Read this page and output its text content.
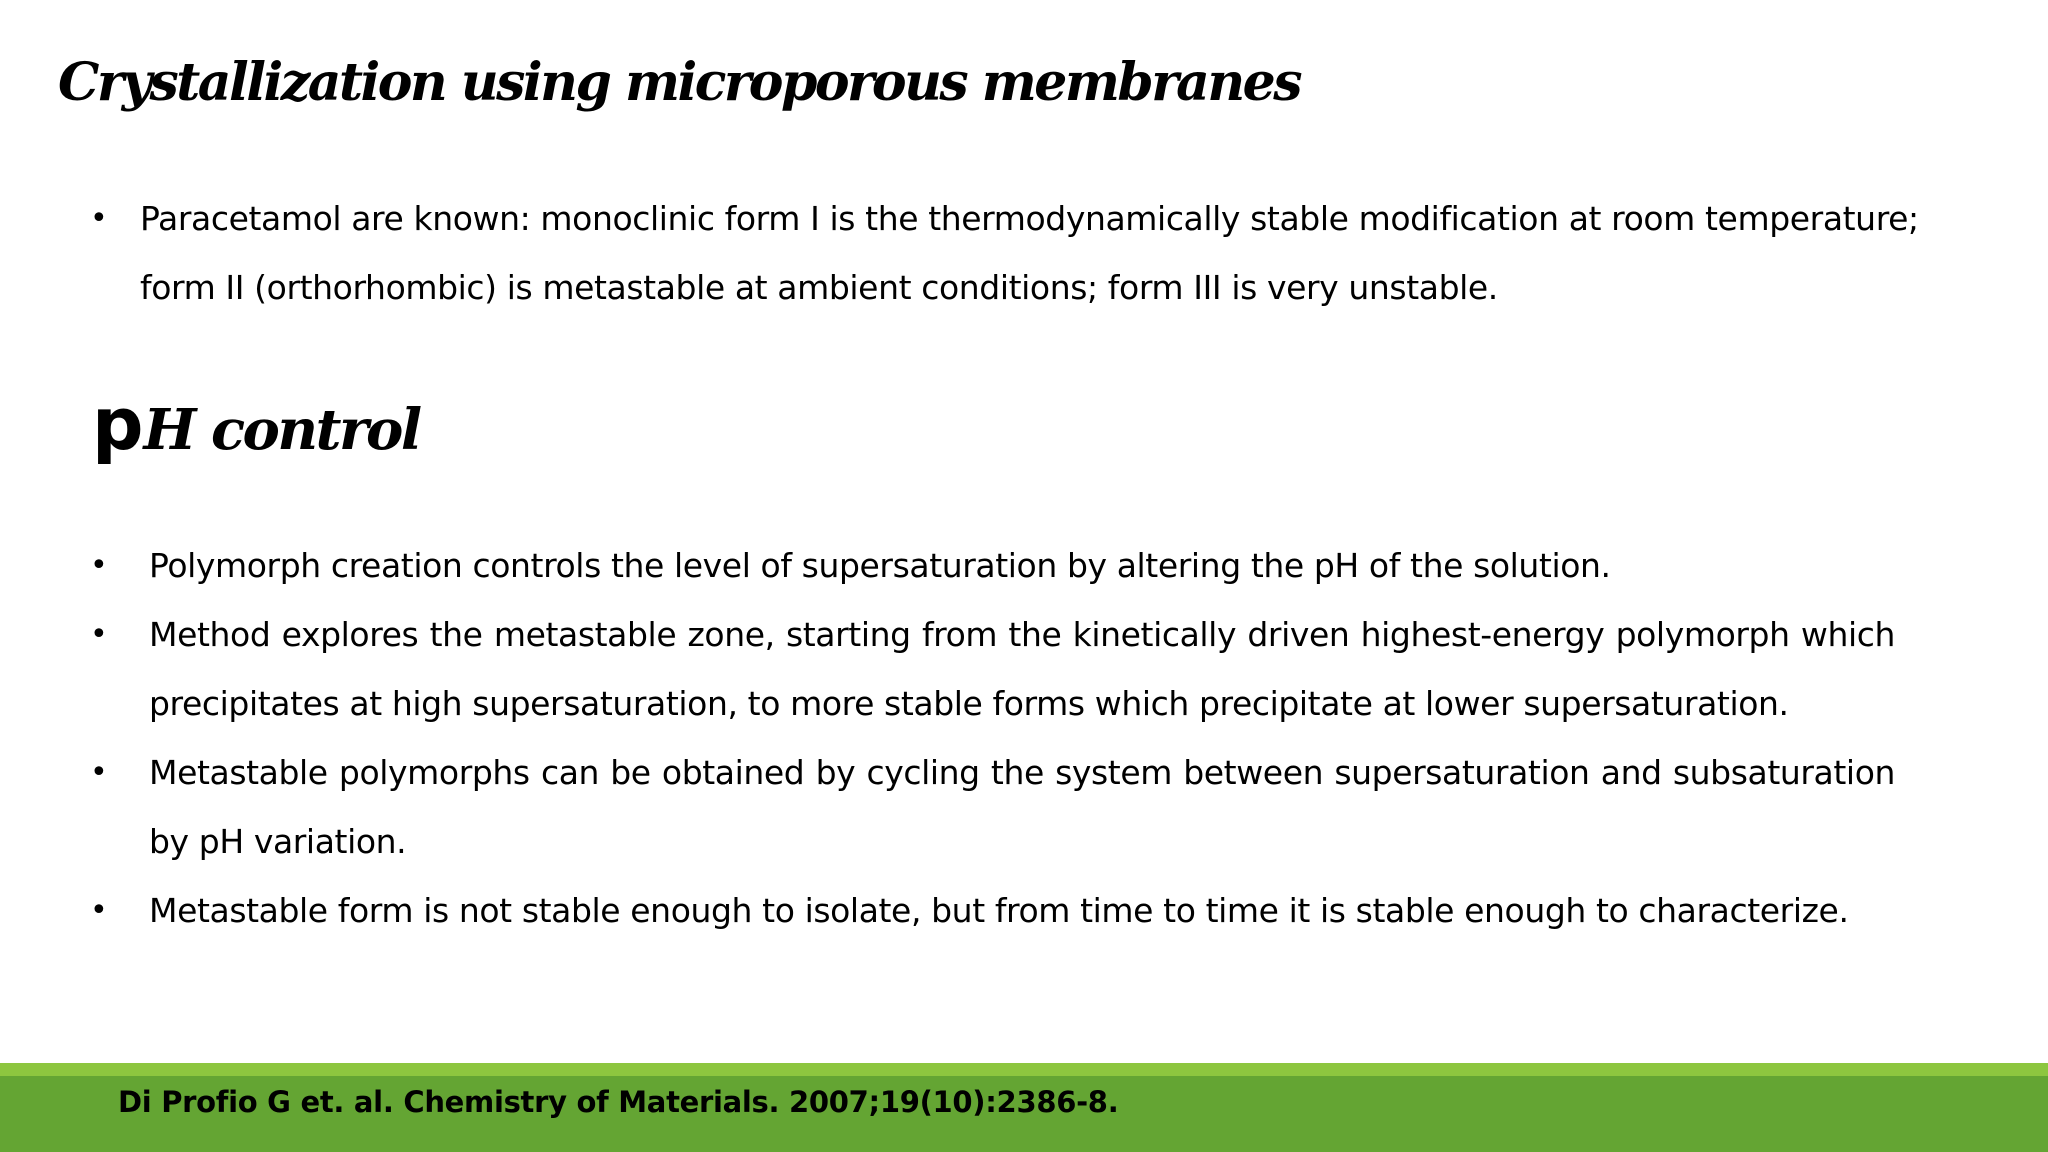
Crystallization using microporous membranes
• Paracetamol are known: monoclinic form I is the thermodynamically stable modification at room temperature; form II (orthorhombic) is metastable at ambient conditions; form III is very unstable.
pH control
• Polymorph creation controls the level of supersaturation by altering the pH of the solution.
• Method explores the metastable zone, starting from the kinetically driven highest-energy polymorph which precipitates at high supersaturation, to more stable forms which precipitate at lower supersaturation.
• Metastable polymorphs can be obtained by cycling the system between supersaturation and subsaturation by pH variation.
• Metastable form is not stable enough to isolate, but from time to time it is stable enough to characterize.
Di Profio G et. al. Chemistry of Materials. 2007;19(10):2386-8.
